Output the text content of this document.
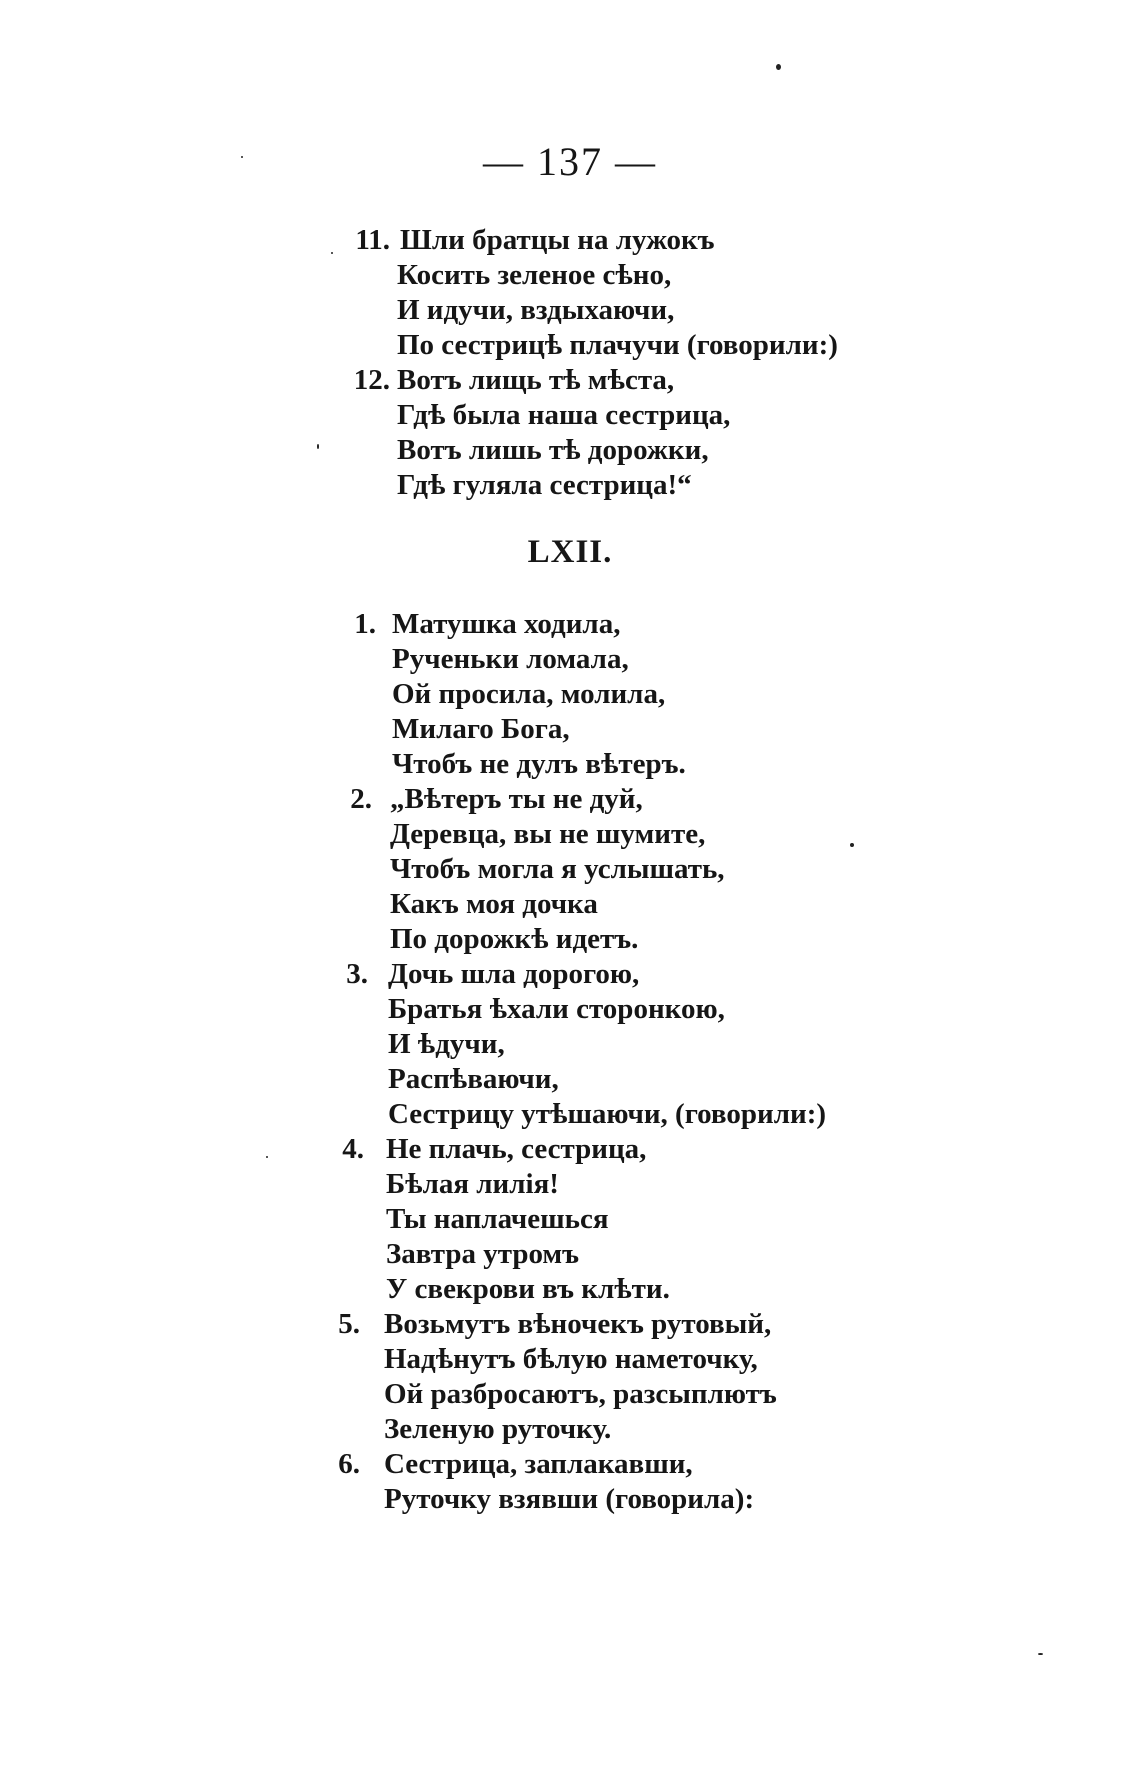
— 137 —
11. Шли братцы на лужокъ
Косить зеленое сѣно,
И идучи, вздыхаючи,
По сестрицѣ плачучи (говорили:)
12. Вотъ лищь тѣ мѣста,
Гдѣ была наша сестрица,
Вотъ лишь тѣ дорожки,
Гдѣ гуляла сестрица!“
LXII.
1. Матушка ходила,
Рученьки ломала,
Ой просила, молила,
Милаго Бога,
Чтобъ не дулъ вѣтеръ.
2. „Вѣтеръ ты не дуй,
Деревца, вы не шумите,
Чтобъ могла я услышать,
Какъ моя дочка
По дорожкѣ идетъ.
3. Дочь шла дорогою,
Братья ѣхали сторонкою,
И ѣдучи,
Распѣваючи,
Сестрицу утѣшаючи, (говорили:)
4. Не плачь, сестрица,
Бѣлая лилія!
Ты наплачешься
Завтра утромъ
У свекрови въ клѣти.
5. Возьмутъ вѣночекъ рутовый,
Надѣнутъ бѣлую наметочку,
Ой разбросаютъ, разсыплютъ
Зеленую руточку.
6. Сестрица, заплакавши,
Руточку взявши (говорила):
